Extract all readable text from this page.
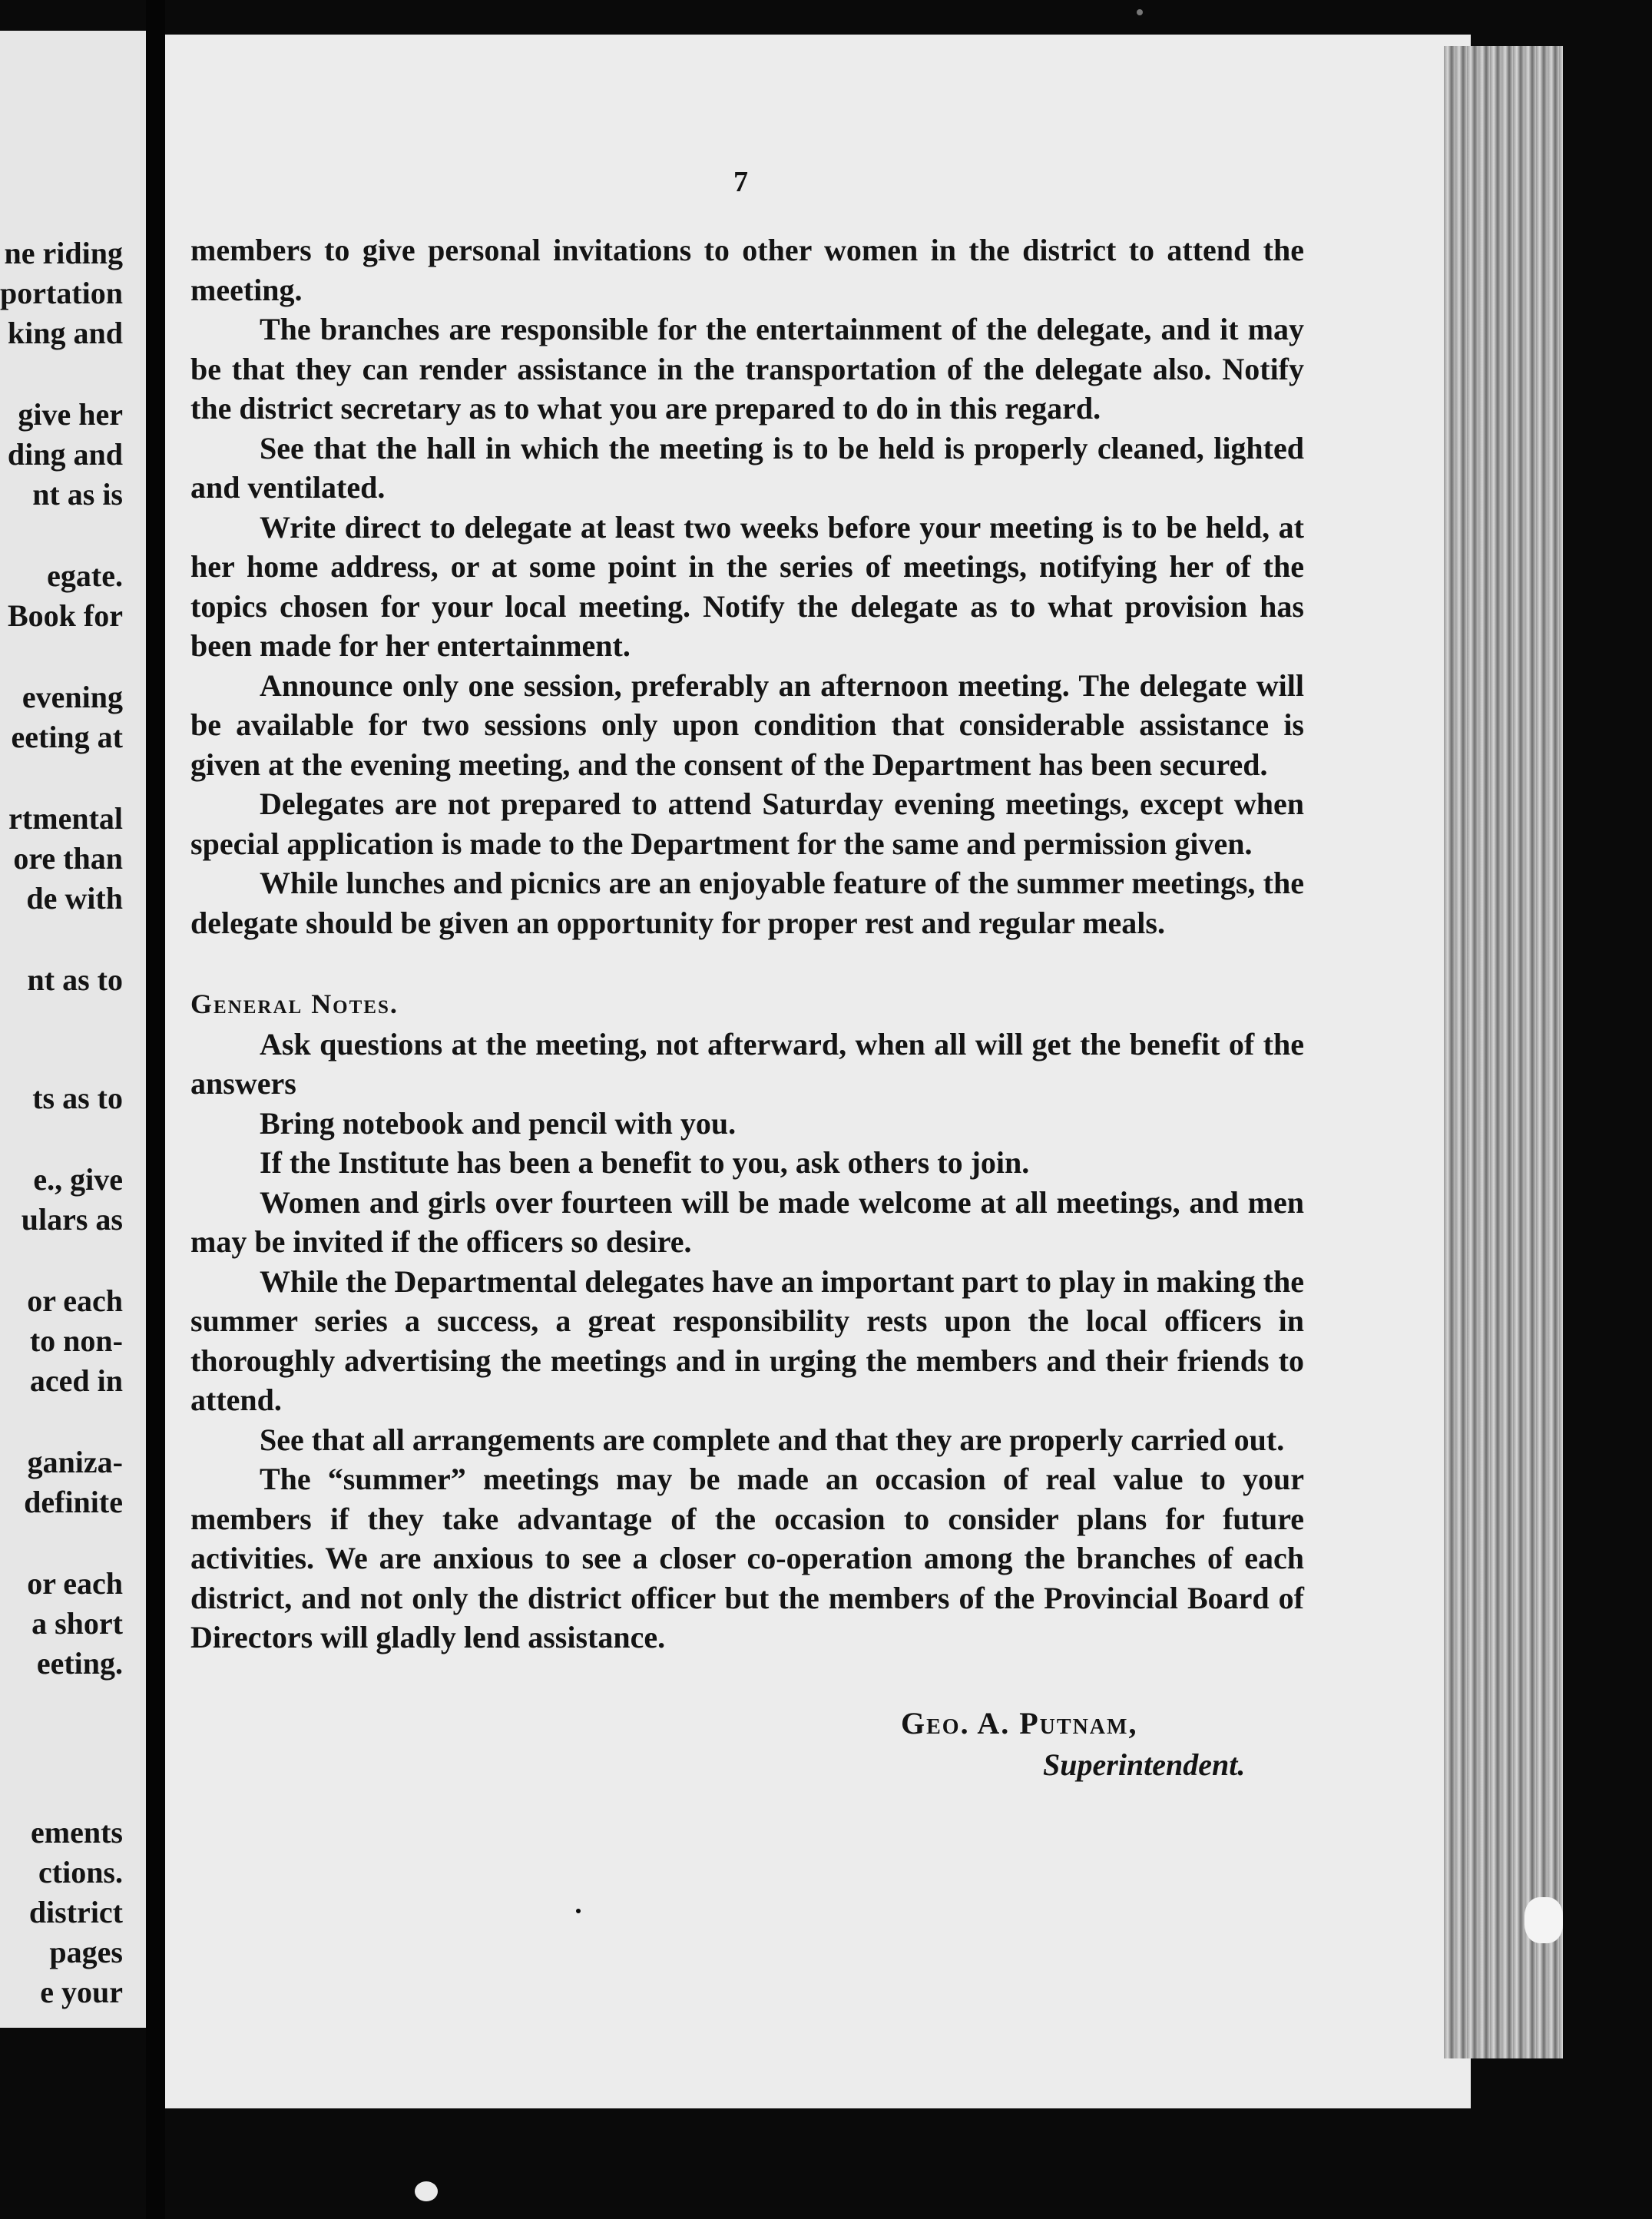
ne riding
portation
king and
give her
ding and
nt as is
egate.
Book for
evening
eeting at
rtmental
ore than
de with
nt as to
ts as to
e., give
ulars as
or each
to non-
aced in
ganiza-
definite
or each
a short
eeting.
ements
ctions.
district
pages
e your
7

members to give personal invitations to other women in the district to attend the meeting.

The branches are responsible for the entertainment of the delegate, and it may be that they can render assistance in the transportation of the delegate also. Notify the district secretary as to what you are prepared to do in this regard.

See that the hall in which the meeting is to be held is properly cleaned, lighted and ventilated.

Write direct to delegate at least two weeks before your meeting is to be held, at her home address, or at some point in the series of meetings, notifying her of the topics chosen for your local meeting. Notify the delegate as to what provision has been made for her entertainment.

Announce only one session, preferably an afternoon meeting. The delegate will be available for two sessions only upon condition that considerable assistance is given at the evening meeting, and the consent of the Department has been secured.

Delegates are not prepared to attend Saturday evening meetings, except when special application is made to the Department for the same and permission given.

While lunches and picnics are an enjoyable feature of the summer meetings, the delegate should be given an opportunity for proper rest and regular meals.

General Notes.

Ask questions at the meeting, not afterward, when all will get the benefit of the answers

Bring notebook and pencil with you.

If the Institute has been a benefit to you, ask others to join.

Women and girls over fourteen will be made welcome at all meetings, and men may be invited if the officers so desire.

While the Departmental delegates have an important part to play in making the summer series a success, a great responsibility rests upon the local officers in thoroughly advertising the meetings and in urging the members and their friends to attend.

See that all arrangements are complete and that they are properly carried out.

The “summer” meetings may be made an occasion of real value to your members if they take advantage of the occasion to consider plans for future activities. We are anxious to see a closer co-operation among the branches of each district, and not only the district officer but the members of the Provincial Board of Directors will gladly lend assistance.

Geo. A. Putnam,
Superintendent.
